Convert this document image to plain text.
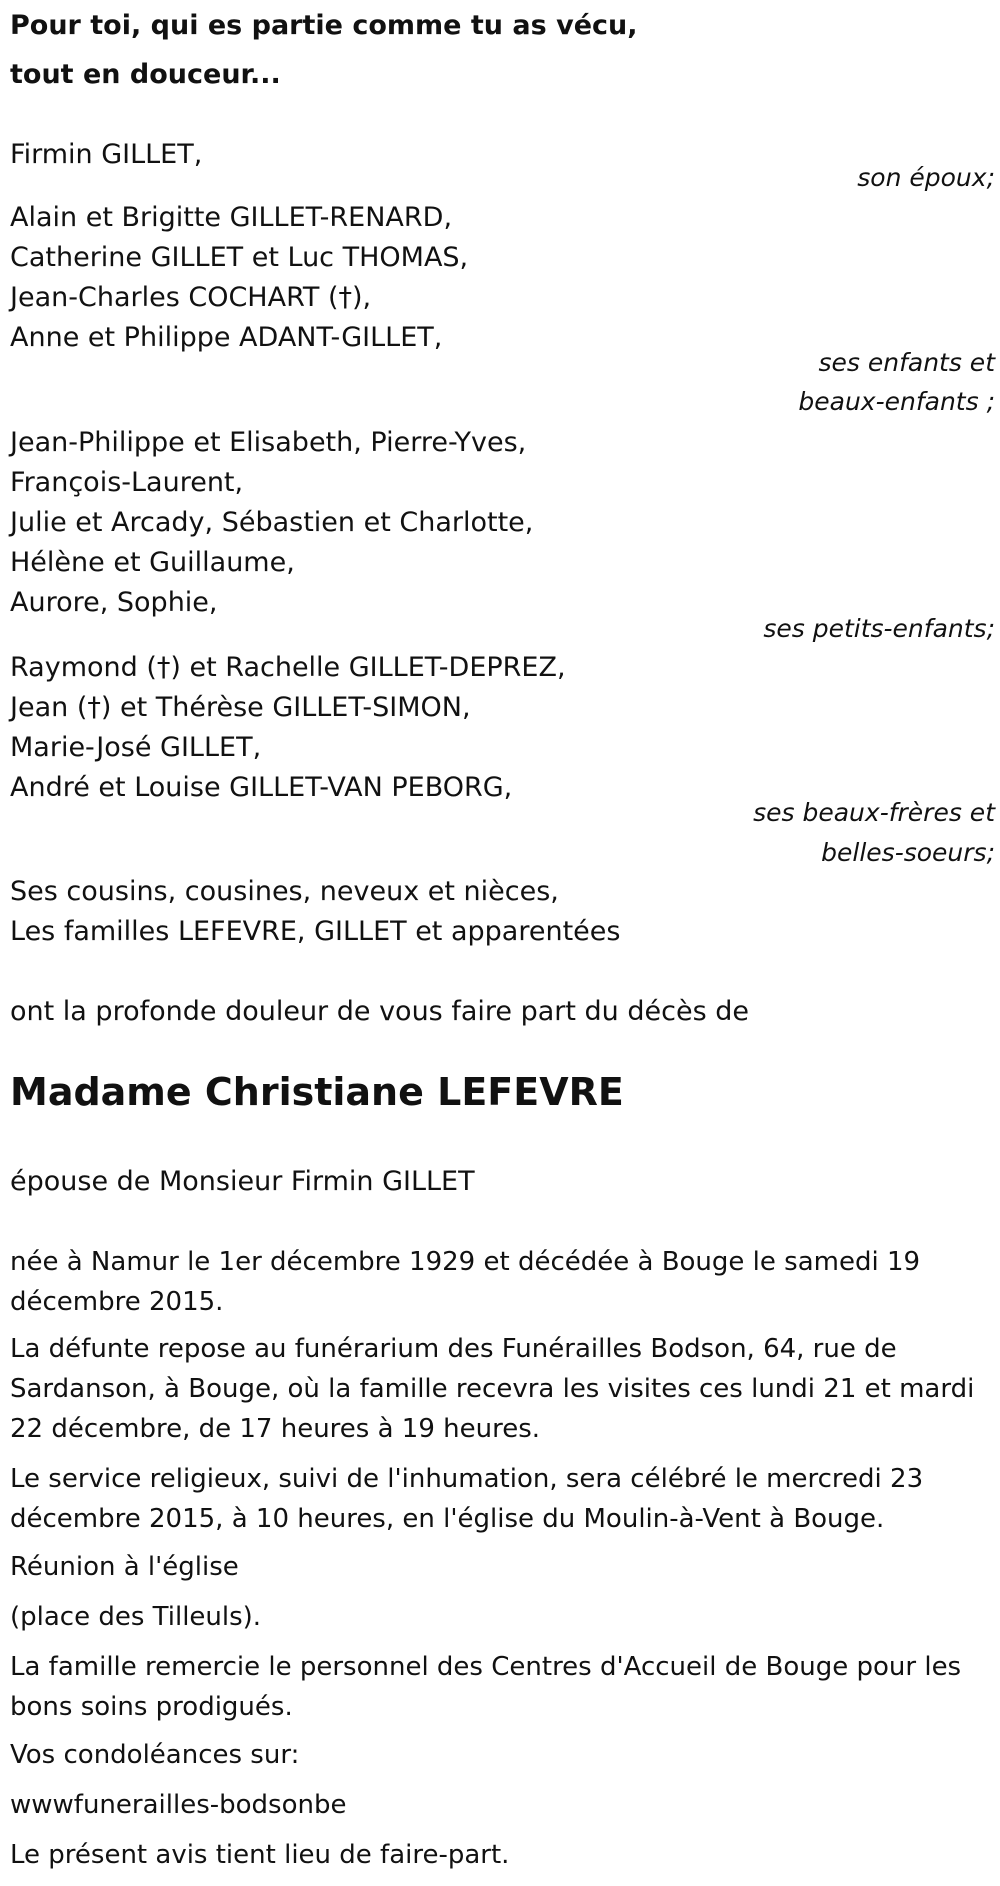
Pour toi, qui es partie comme tu as vécu,
tout en douceur...
Firmin GILLET,
son époux;
Alain et Brigitte GILLET-RENARD,
Catherine GILLET et Luc THOMAS,
Jean-Charles COCHART (†),
Anne et Philippe ADANT-GILLET,
ses enfants et
beaux-enfants ;
Jean-Philippe et Elisabeth, Pierre-Yves,
François-Laurent,
Julie et Arcady, Sébastien et Charlotte,
Hélène et Guillaume,
Aurore, Sophie,
ses petits-enfants;
Raymond (†) et Rachelle GILLET-DEPREZ,
Jean (†) et Thérèse GILLET-SIMON,
Marie-José GILLET,
André et Louise GILLET-VAN PEBORG,
ses beaux-frères et
belles-soeurs;
Ses cousins, cousines, neveux et nièces,
Les familles LEFEVRE, GILLET et apparentées
ont la profonde douleur de vous faire part du décès de
Madame Christiane LEFEVRE
épouse de Monsieur Firmin GILLET
née à Namur le 1er décembre 1929 et décédée à Bouge le samedi 19 décembre 2015.
La défunte repose au funérarium des Funérailles Bodson, 64, rue de Sardanson, à Bouge, où la famille recevra les visites ces lundi 21 et mardi 22 décembre, de 17 heures à 19 heures.
Le service religieux, suivi de l'inhumation, sera célébré le mercredi 23 décembre 2015, à 10 heures, en l'église du Moulin-à-Vent à Bouge.
Réunion à l'église
(place des Tilleuls).
La famille remercie le personnel des Centres d'Accueil de Bouge pour les bons soins prodigués.
Vos condoléances sur:
wwwfunerailles-bodsonbe
Le présent avis tient lieu de faire-part.
